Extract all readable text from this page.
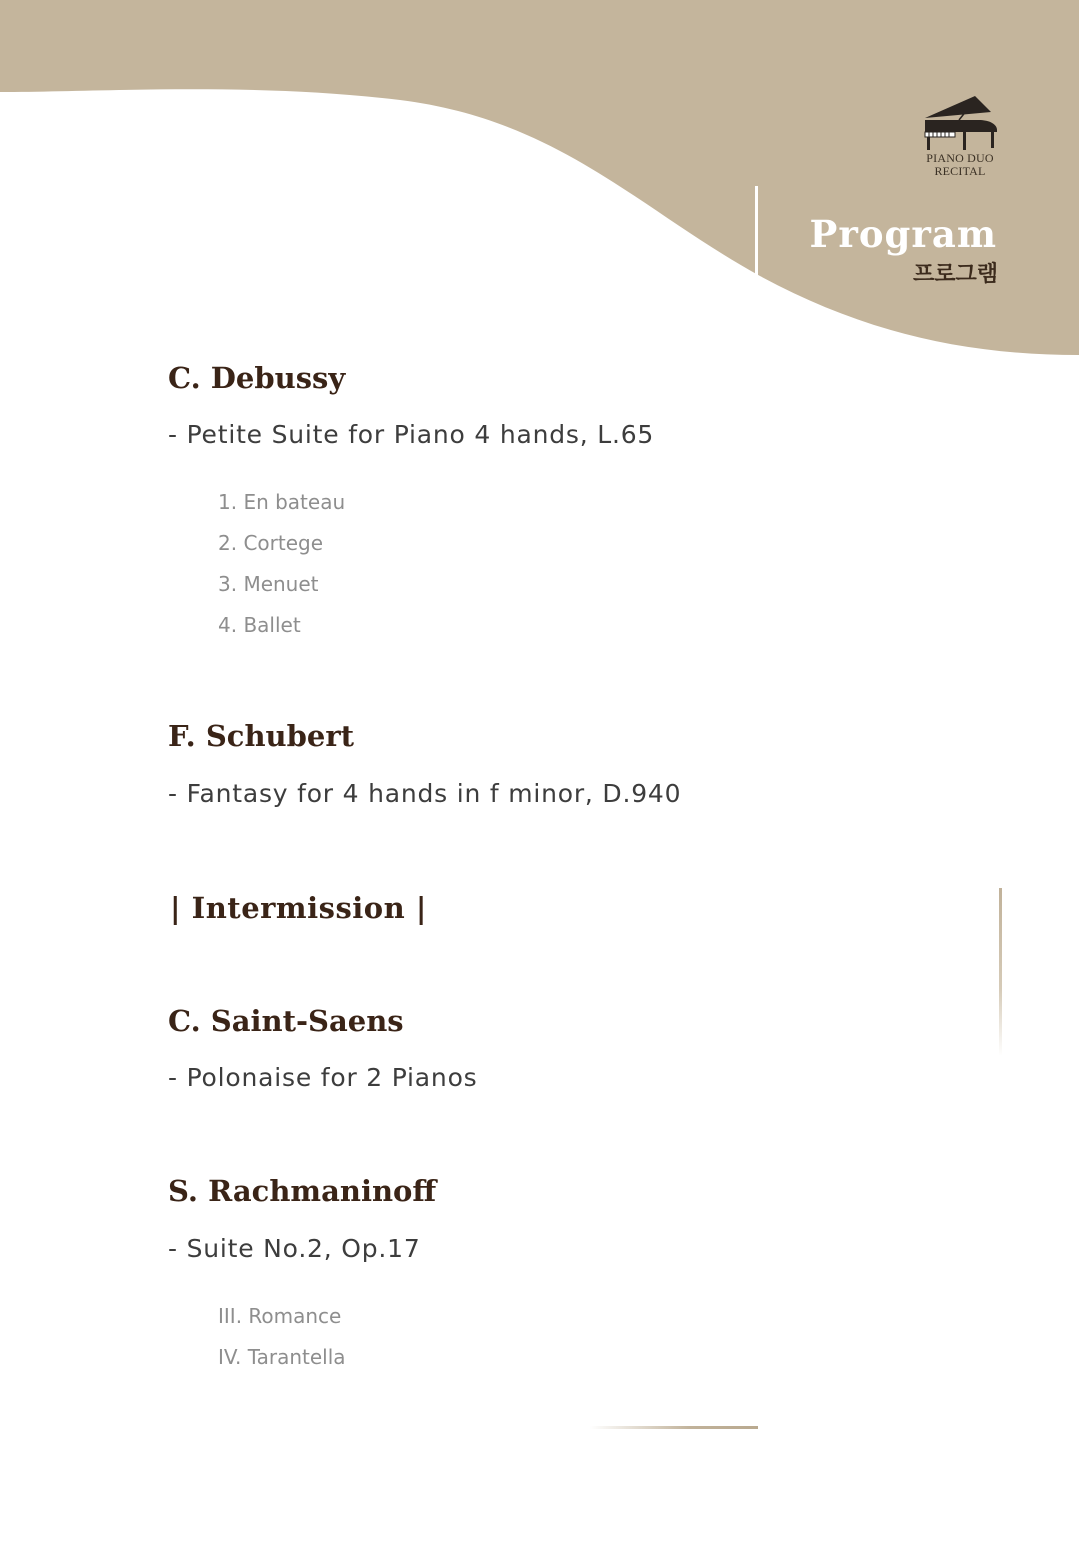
PIANO DUO
RECITAL
Program
프로그램
C. Debussy
- Petite Suite for Piano 4 hands, L.65
1. En bateau
2. Cortege
3. Menuet
4. Ballet
F. Schubert
- Fantasy for 4 hands in f minor, D.940
| Intermission |
C. Saint-Saens
- Polonaise for 2 Pianos
S. Rachmaninoff
- Suite No.2, Op.17
III. Romance
IV. Tarantella
